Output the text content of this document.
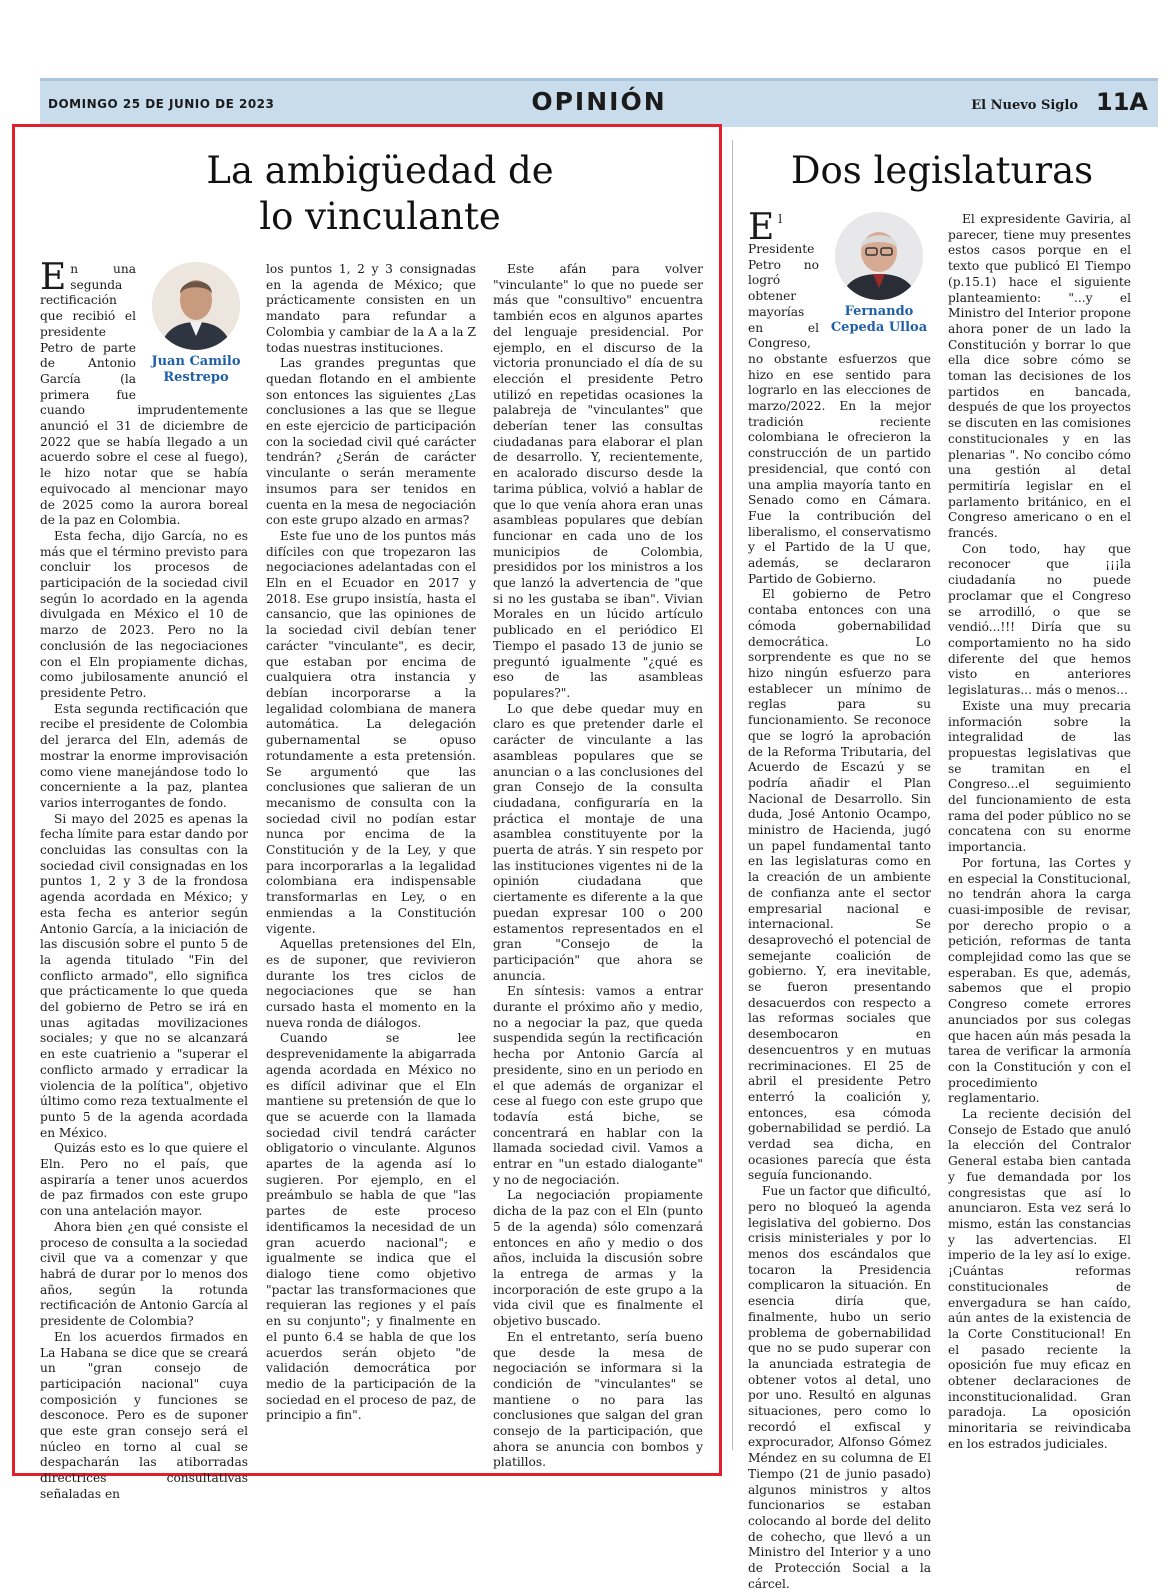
DOMINGO 25 DE JUNIO DE 2023	OPINIÓN	El Nuevo Siglo 11A
La ambigüedad de
lo vinculante
Juan Camilo
Restrepo

En una segunda rectificación que recibió el presidente Petro de parte de Antonio García (la primera fue cuando imprudentemente anunció el 31 de diciembre de 2022 que se había llegado a un acuerdo sobre el cese al fuego), le hizo notar que se había equivocado al mencionar mayo de 2025 como la aurora boreal de la paz en Colombia.

Esta fecha, dijo García, no es más que el término previsto para concluir los procesos de participación de la sociedad civil según lo acordado en la agenda divulgada en México el 10 de marzo de 2023. Pero no la conclusión de las negociaciones con el Eln propiamente dichas, como jubilosamente anunció el presidente Petro.

Esta segunda rectificación que recibe el presidente de Colombia del jerarca del Eln, además de mostrar la enorme improvisación como viene manejándose todo lo concerniente a la paz, plantea varios interrogantes de fondo.

Si mayo del 2025 es apenas la fecha límite para estar dando por concluidas las consultas con la sociedad civil consignadas en los puntos 1, 2 y 3 de la frondosa agenda acordada en México; y esta fecha es anterior según Antonio García, a la iniciación de las discusión sobre el punto 5 de la agenda titulado "Fin del conflicto armado", ello significa que prácticamente lo que queda del gobierno de Petro se irá en unas agitadas movilizaciones sociales; y que no se alcanzará en este cuatrienio a "superar el conflicto armado y erradicar la violencia de la política", objetivo último como reza textualmente el punto 5 de la agenda acordada en México.

Quizás esto es lo que quiere el Eln. Pero no el país, que aspiraría a tener unos acuerdos de paz firmados con este grupo con una antelación mayor.

Ahora bien ¿en qué consiste el proceso de consulta a la sociedad civil que va a comenzar y que habrá de durar por lo menos dos años, según la rotunda rectificación de Antonio García al presidente de Colombia?

En los acuerdos firmados en La Habana se dice que se creará un "gran consejo de participación nacional" cuya composición y funciones se desconoce. Pero es de suponer que este gran consejo será el núcleo en torno al cual se despacharán las atiborradas directrices consultativas señaladas en

los puntos 1, 2 y 3 consignadas en la agenda de México; que prácticamente consisten en un mandato para refundar a Colombia y cambiar de la A a la Z todas nuestras instituciones.

Las grandes preguntas que quedan flotando en el ambiente son entonces las siguientes ¿Las conclusiones a las que se llegue en este ejercicio de participación con la sociedad civil qué carácter tendrán? ¿Serán de carácter vinculante o serán meramente insumos para ser tenidos en cuenta en la mesa de negociación con este grupo alzado en armas?

Este fue uno de los puntos más difíciles con que tropezaron las negociaciones adelantadas con el Eln en el Ecuador en 2017 y 2018. Ese grupo insistía, hasta el cansancio, que las opiniones de la sociedad civil debían tener carácter "vinculante", es decir, que estaban por encima de cualquiera otra instancia y debían incorporarse a la legalidad colombiana de manera automática. La delegación gubernamental se opuso rotundamente a esta pretensión. Se argumentó que las conclusiones que salieran de un mecanismo de consulta con la sociedad civil no podían estar nunca por encima de la Constitución y de la Ley, y que para incorporarlas a la legalidad colombiana era indispensable transformarlas en Ley, o en enmiendas a la Constitución vigente.

Aquellas pretensiones del Eln, es de suponer, que revivieron durante los tres ciclos de negociaciones que se han cursado hasta el momento en la nueva ronda de diálogos.

Cuando se lee desprevenidamente la abigarrada agenda acordada en México no es difícil adivinar que el Eln mantiene su pretensión de que lo que se acuerde con la llamada sociedad civil tendrá carácter obligatorio o vinculante. Algunos apartes de la agenda así lo sugieren. Por ejemplo, en el preámbulo se habla de que "las partes de este proceso identificamos la necesidad de un gran acuerdo nacional"; e igualmente se indica que el dialogo tiene como objetivo "pactar las transformaciones que requieran las regiones y el país en su conjunto"; y finalmente en el punto 6.4 se habla de que los acuerdos serán objeto "de validación democrática por medio de la participación de la sociedad en el proceso de paz, de principio a fin".

Este afán para volver "vinculante" lo que no puede ser más que "consultivo" encuentra también ecos en algunos apartes del lenguaje presidencial. Por ejemplo, en el discurso de la victoria pronunciado el día de su elección el presidente Petro utilizó en repetidas ocasiones la palabreja de "vinculantes" que deberían tener las consultas ciudadanas para elaborar el plan de desarrollo. Y, recientemente, en acalorado discurso desde la tarima pública, volvió a hablar de que lo que venía ahora eran unas asambleas populares que debían funcionar en cada uno de los municipios de Colombia, presididos por los ministros a los que lanzó la advertencia de "que si no les gustaba se iban". Vivian Morales en un lúcido artículo publicado en el periódico El Tiempo el pasado 13 de junio se preguntó igualmente "¿qué es eso de las asambleas populares?".

Lo que debe quedar muy en claro es que pretender darle el carácter de vinculante a las asambleas populares que se anuncian o a las conclusiones del gran Consejo de la consulta ciudadana, configuraría en la práctica el montaje de una asamblea constituyente por la puerta de atrás. Y sin respeto por las instituciones vigentes ni de la opinión ciudadana que ciertamente es diferente a la que puedan expresar 100 o 200 estamentos representados en el gran "Consejo de la participación" que ahora se anuncia.

En síntesis: vamos a entrar durante el próximo año y medio, no a negociar la paz, que queda suspendida según la rectificación hecha por Antonio García al presidente, sino en un periodo en el que además de organizar el cese al fuego con este grupo que todavía está biche, se concentrará en hablar con la llamada sociedad civil. Vamos a entrar en "un estado dialogante" y no de negociación.

La negociación propiamente dicha de la paz con el Eln (punto 5 de la agenda) sólo comenzará entonces en año y medio o dos años, incluida la discusión sobre la entrega de armas y la incorporación de este grupo a la vida civil que es finalmente el objetivo buscado.

En el entretanto, sería bueno que desde la mesa de negociación se informara si la condición de "vinculantes" se mantiene o no para las conclusiones que salgan del gran consejo de la participación, que ahora se anuncia con bombos y platillos.

Dos legislaturas
Fernando
Cepeda Ulloa

El Presidente Petro no logró obtener mayorías en el Congreso, no obstante esfuerzos que hizo en ese sentido para lograrlo en las elecciones de marzo/2022. En la mejor tradición reciente colombiana le ofrecieron la construcción de un partido presidencial, que contó con una amplia mayoría tanto en Senado como en Cámara. Fue la contribución del liberalismo, el conservatismo y el Partido de la U que, además, se declararon Partido de Gobierno.

El gobierno de Petro contaba entonces con una cómoda gobernabilidad democrática. Lo sorprendente es que no se hizo ningún esfuerzo para establecer un mínimo de reglas para su funcionamiento. Se reconoce que se logró la aprobación de la Reforma Tributaria, del Acuerdo de Escazú y se podría añadir el Plan Nacional de Desarrollo. Sin duda, José Antonio Ocampo, ministro de Hacienda, jugó un papel fundamental tanto en las legislaturas como en la creación de un ambiente de confianza ante el sector empresarial nacional e internacional. Se desaprovechó el potencial de semejante coalición de gobierno. Y, era inevitable, se fueron presentando desacuerdos con respecto a las reformas sociales que desembocaron en desencuentros y en mutuas recriminaciones. El 25 de abril el presidente Petro enterró la coalición y, entonces, esa cómoda gobernabilidad se perdió. La verdad sea dicha, en ocasiones parecía que ésta seguía funcionando.

Fue un factor que dificultó, pero no bloqueó la agenda legislativa del gobierno. Dos crisis ministeriales y por lo menos dos escándalos que tocaron la Presidencia complicaron la situación. En esencia diría que, finalmente, hubo un serio problema de gobernabilidad que no se pudo superar con la anunciada estrategia de obtener votos al detal, uno por uno. Resultó en algunas situaciones, pero como lo recordó el exfiscal y exprocurador, Alfonso Gómez Méndez en su columna de El Tiempo (21 de junio pasado) algunos ministros y altos funcionarios se estaban colocando al borde del delito de cohecho, que llevó a un Ministro del Interior y a uno de Protección Social a la cárcel.

El expresidente Gaviria, al parecer, tiene muy presentes estos casos porque en el texto que publicó El Tiempo (p.15.1) hace el siguiente planteamiento: "...y el Ministro del Interior propone ahora poner de un lado la Constitución y borrar lo que ella dice sobre cómo se toman las decisiones de los partidos en bancada, después de que los proyectos se discuten en las comisiones constitucionales y en las plenarias ". No concibo cómo una gestión al detal permitiría legislar en el parlamento británico, en el Congreso americano o en el francés.

Con todo, hay que reconocer que ¡¡¡la ciudadanía no puede proclamar que el Congreso se arrodilló, o que se vendió...!!! Diría que su comportamiento no ha sido diferente del que hemos visto en anteriores legislaturas... más o menos...

Existe una muy precaria información sobre la integralidad de las propuestas legislativas que se tramitan en el Congreso...el seguimiento del funcionamiento de esta rama del poder público no se concatena con su enorme importancia.

Por fortuna, las Cortes y en especial la Constitucional, no tendrán ahora la carga cuasi-imposible de revisar, por derecho propio o a petición, reformas de tanta complejidad como las que se esperaban. Es que, además, sabemos que el propio Congreso comete errores anunciados por sus colegas que hacen aún más pesada la tarea de verificar la armonía con la Constitución y con el procedimiento reglamentario.

La reciente decisión del Consejo de Estado que anuló la elección del Contralor General estaba bien cantada y fue demandada por los congresistas que así lo anunciaron. Esta vez será lo mismo, están las constancias y las advertencias. El imperio de la ley así lo exige. ¡Cuántas reformas constitucionales de envergadura se han caído, aún antes de la existencia de la Corte Constitucional! En el pasado reciente la oposición fue muy eficaz en obtener declaraciones de inconstitucionalidad. Gran paradoja. La oposición minoritaria se reivindicaba en los estrados judiciales.
